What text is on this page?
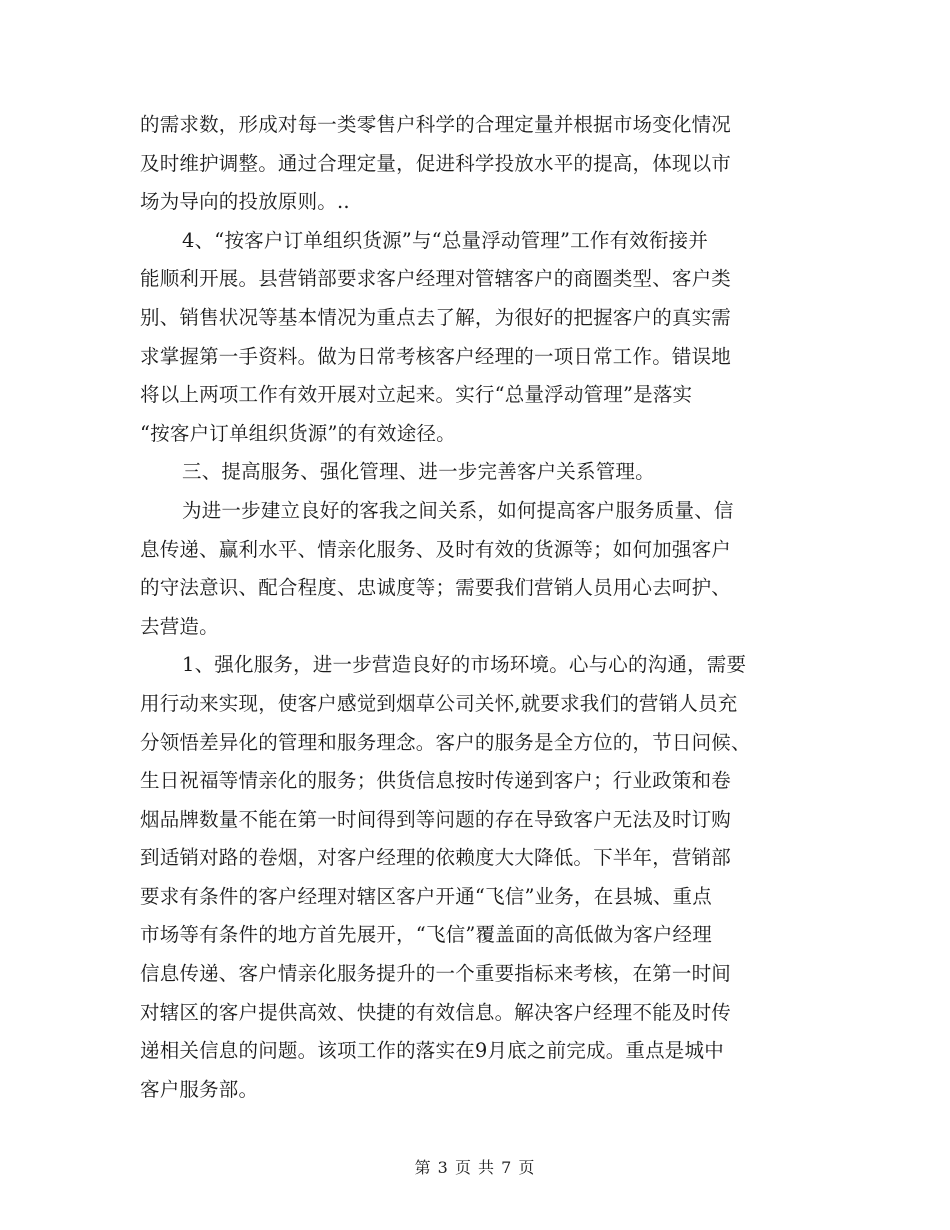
的需求数，形成对每一类零售户科学的合理定量并根据市场变化情况
及时维护调整。通过合理定量，促进科学投放水平的提高，体现以市
场为导向的投放原则。..
4、“按客户订单组织货源”与“总量浮动管理”工作有效衔接并
能顺利开展。县营销部要求客户经理对管辖客户的商圈类型、客户类
别、销售状况等基本情况为重点去了解，为很好的把握客户的真实需
求掌握第一手资料。做为日常考核客户经理的一项日常工作。错误地
将以上两项工作有效开展对立起来。实行“总量浮动管理”是落实
“按客户订单组织货源”的有效途径。
三、提高服务、强化管理、进一步完善客户关系管理。
为进一步建立良好的客我之间关系，如何提高客户服务质量、信
息传递、赢利水平、情亲化服务、及时有效的货源等；如何加强客户
的守法意识、配合程度、忠诚度等；需要我们营销人员用心去呵护、
去营造。
1、强化服务，进一步营造良好的市场环境。心与心的沟通，需要
用行动来实现，使客户感觉到烟草公司关怀,就要求我们的营销人员充
分领悟差异化的管理和服务理念。客户的服务是全方位的，节日问候、
生日祝福等情亲化的服务；供货信息按时传递到客户；行业政策和卷
烟品牌数量不能在第一时间得到等问题的存在导致客户无法及时订购
到适销对路的卷烟，对客户经理的依赖度大大降低。下半年，营销部
要求有条件的客户经理对辖区客户开通“飞信”业务，在县城、重点
市场等有条件的地方首先展开，“飞信”覆盖面的高低做为客户经理
信息传递、客户情亲化服务提升的一个重要指标来考核，在第一时间
对辖区的客户提供高效、快捷的有效信息。解决客户经理不能及时传
递相关信息的问题。该项工作的落实在9月底之前完成。重点是城中
客户服务部。
第 3 页 共 7 页
